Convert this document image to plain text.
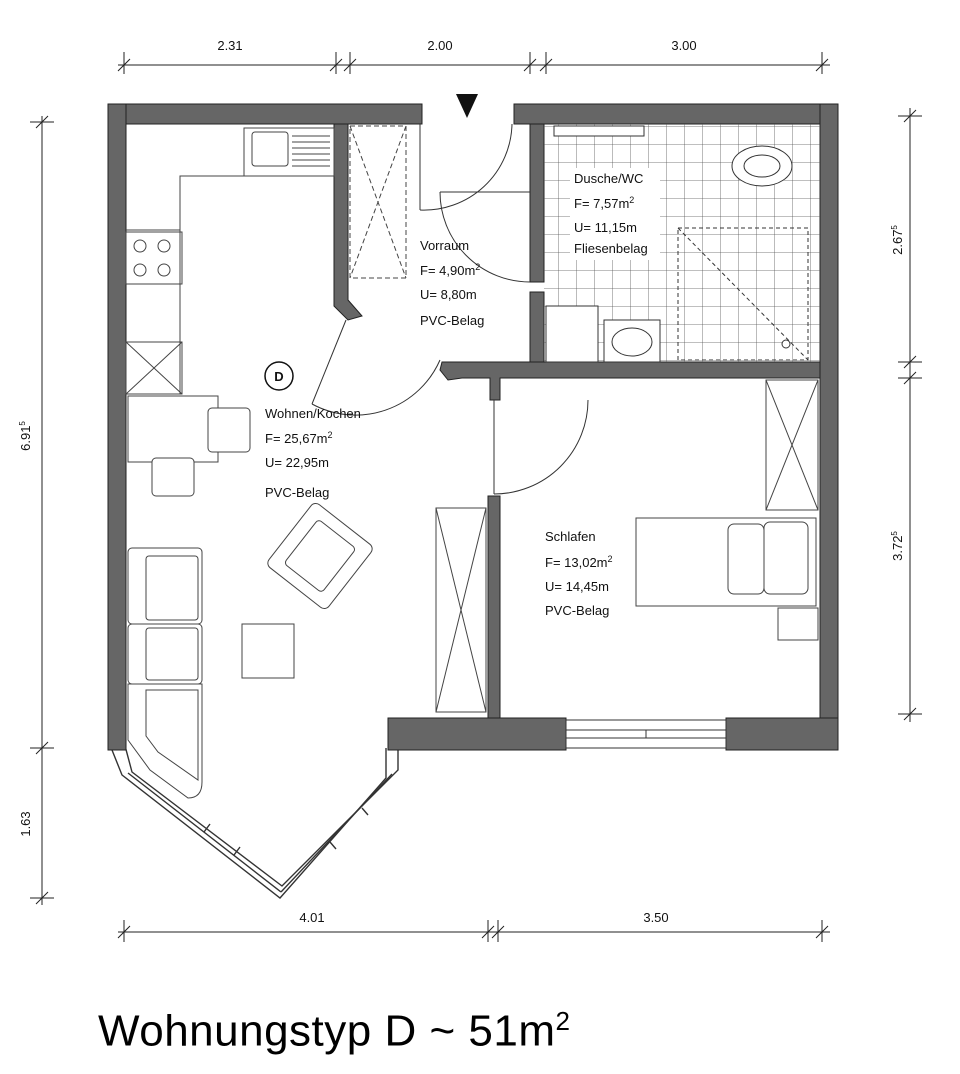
2.31	2.00	3.00
4.01	3.50
6.91$^5$
1.63
2.67$^5$
3.72$^5$
D
Wohnen/Kochen
$F= 25,67m^2$
U= 22,95m
PVC-Belag
Vorraum
$F= 4,90m^2$
U= 8,80m
PVC-Belag
Dusche/WC
$F= 7,57m^2$
U= 11,15m
Fliesenbelag
Schlafen
$F= 13,02m^2$
U= 14,45m
PVC-Belag
Wohnungstyp D ~ $51m^2$
